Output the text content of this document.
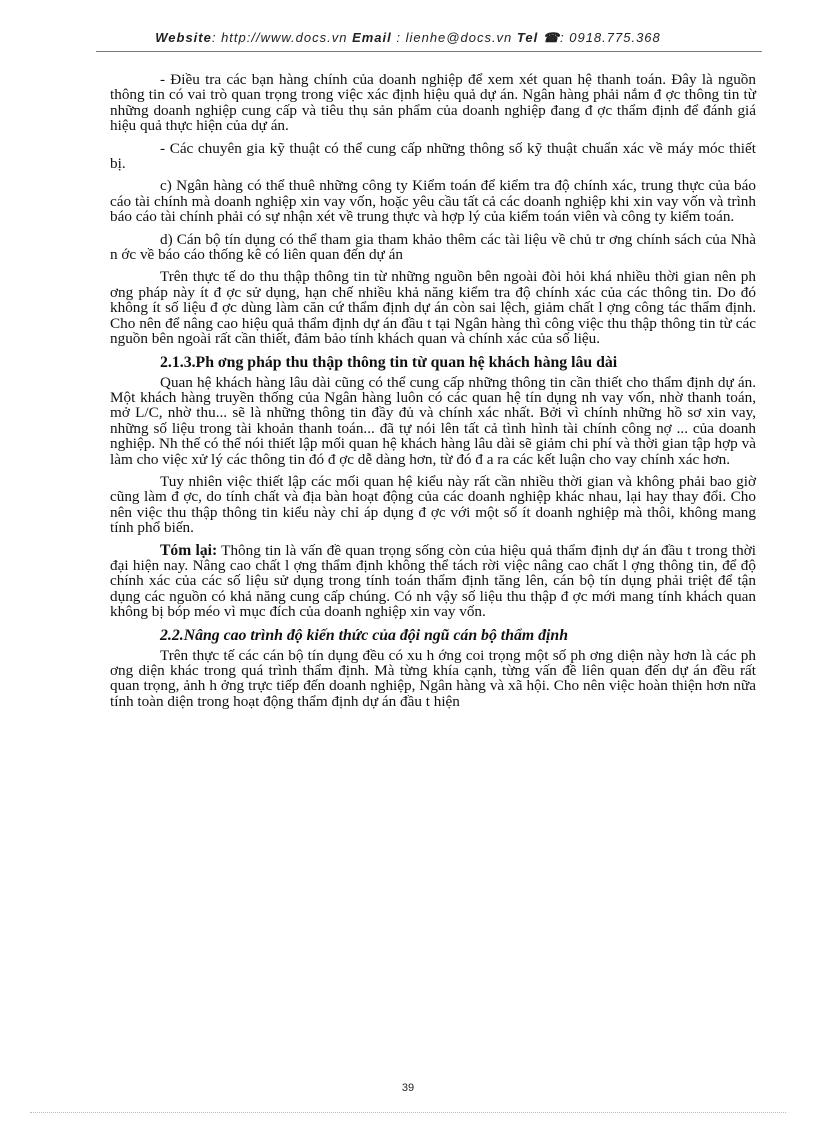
Website: http://www.docs.vn Email : lienhe@docs.vn Tel ☎: 0918.775.368

- Điều tra các bạn hàng chính của doanh nghiệp để xem xét quan hệ thanh toán. Đây là nguồn thông tin có vai trò quan trọng trong việc xác định hiệu quả dự án. Ngân hàng phải nắm đ ợc thông tin từ những doanh nghiệp cung cấp và tiêu thụ sản phẩm của doanh nghiệp đang đ ợc thẩm định để đánh giá hiệu quả thực hiện của dự án.

- Các chuyên gia kỹ thuật có thể cung cấp những thông số kỹ thuật chuẩn xác về máy móc thiết bị.

c) Ngân hàng có thể thuê những công ty Kiểm toán để kiểm tra độ chính xác, trung thực của báo cáo tài chính mà doanh nghiệp xin vay vốn, hoặc yêu cầu tất cả các doanh nghiệp khi xin vay vốn và trình báo cáo tài chính phải có sự nhận xét về trung thực và hợp lý của kiểm toán viên và công ty kiểm toán.

d) Cán bộ tín dụng có thể tham gia tham khảo thêm các tài liệu về chủ tr ơng chính sách của Nhà n ớc về báo cáo thống kê có liên quan đến dự án

Trên thực tế do thu thập thông tin từ những nguồn bên ngoài đòi hỏi khá nhiều thời gian nên ph ơng pháp này ít đ ợc sử dụng, hạn chế nhiều khả năng kiểm tra độ chính xác của các thông tin. Do đó không ít số liệu đ ợc dùng làm căn cứ thẩm định dự án còn sai lệch, giảm chất l ợng công tác thẩm định. Cho nên để nâng cao hiệu quả thẩm định dự án đầu t tại Ngân hàng thì công việc thu thập thông tin từ các nguồn bên ngoài rất cần thiết, đảm bảo tính khách quan và chính xác của số liệu.

2.1.3.Ph ơng pháp thu thập thông tin từ quan hệ khách hàng lâu dài

Quan hệ khách hàng lâu dài cũng có thể cung cấp những thông tin cần thiết cho thẩm định dự án. Một khách hàng truyền thống của Ngân hàng luôn có các quan hệ tín dụng nh vay vốn, nhờ thanh toán, mở L/C, nhờ thu... sẽ là những thông tin đầy đủ và chính xác nhất. Bởi vì chính những hồ sơ xin vay, những số liệu trong tài khoản thanh toán... đã tự nói lên tất cả tình hình tài chính công nợ ... của doanh nghiệp. Nh thế có thể nói thiết lập mối quan hệ khách hàng lâu dài sẽ giảm chi phí và thời gian tập hợp và làm cho việc xử lý các thông tin đó đ ợc dễ dàng hơn, từ đó đ a ra các kết luận cho vay chính xác hơn.

Tuy nhiên việc thiết lập các mối quan hệ kiểu này rất cần nhiều thời gian và không phải bao giờ cũng làm đ ợc, do tính chất và địa bàn hoạt động của các doanh nghiệp khác nhau, lại hay thay đổi. Cho nên việc thu thập thông tin kiểu này chỉ áp dụng đ ợc với một số ít doanh nghiệp mà thôi, không mang tính phổ biến.

Tóm lại: Thông tin là vấn đề quan trọng sống còn của hiệu quả thẩm định dự án đầu t trong thời đại hiện nay. Nâng cao chất l ợng thẩm định không thể tách rời việc nâng cao chất l ợng thông tin, để độ chính xác của các số liệu sử dụng trong tính toán thẩm định tăng lên, cán bộ tín dụng phải triệt để tận dụng các nguồn có khả năng cung cấp chúng. Có nh vậy số liệu thu thập đ ợc mới mang tính khách quan không bị bóp méo vì mục đích của doanh nghiệp xin vay vốn.

2.2.Nâng cao trình độ kiến thức của đội ngũ cán bộ thẩm định

Trên thực tế các cán bộ tín dụng đều có xu h ớng coi trọng một số ph ơng diện này hơn là các ph ơng diện khác trong quá trình thẩm định. Mà từng khía cạnh, từng vấn đề liên quan đến dự án đều rất quan trọng, ảnh h ởng trực tiếp đến doanh nghiệp, Ngân hàng và xã hội. Cho nên việc hoàn thiện hơn nữa tính toàn diện trong hoạt động thẩm định dự án đầu t hiện

39
